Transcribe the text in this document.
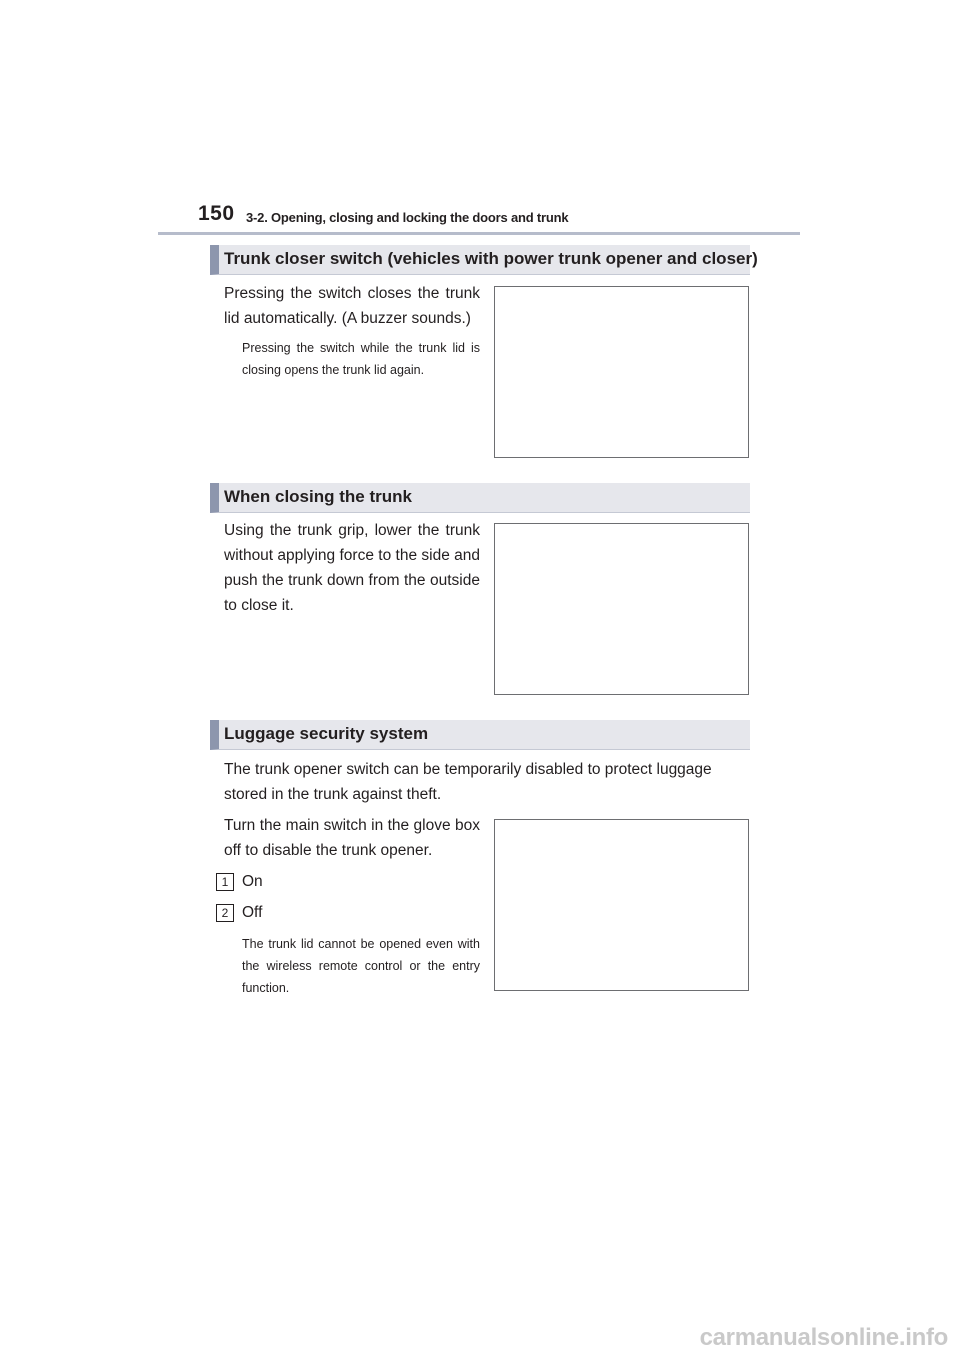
150 3-2. Opening, closing and locking the doors and trunk
Trunk closer switch (vehicles with power trunk opener and closer)
Pressing the switch closes the trunk lid automatically. (A buzzer sounds.)
Pressing the switch while the trunk lid is closing opens the trunk lid again.
When closing the trunk
Using the trunk grip, lower the trunk without applying force to the side and push the trunk down from the outside to close it.
Luggage security system
The trunk opener switch can be temporarily disabled to protect luggage stored in the trunk against theft.
Turn the main switch in the glove box off to disable the trunk opener.
1 On
2 Off
The trunk lid cannot be opened even with the wireless remote control or the entry function.
carmanualsonline.info
